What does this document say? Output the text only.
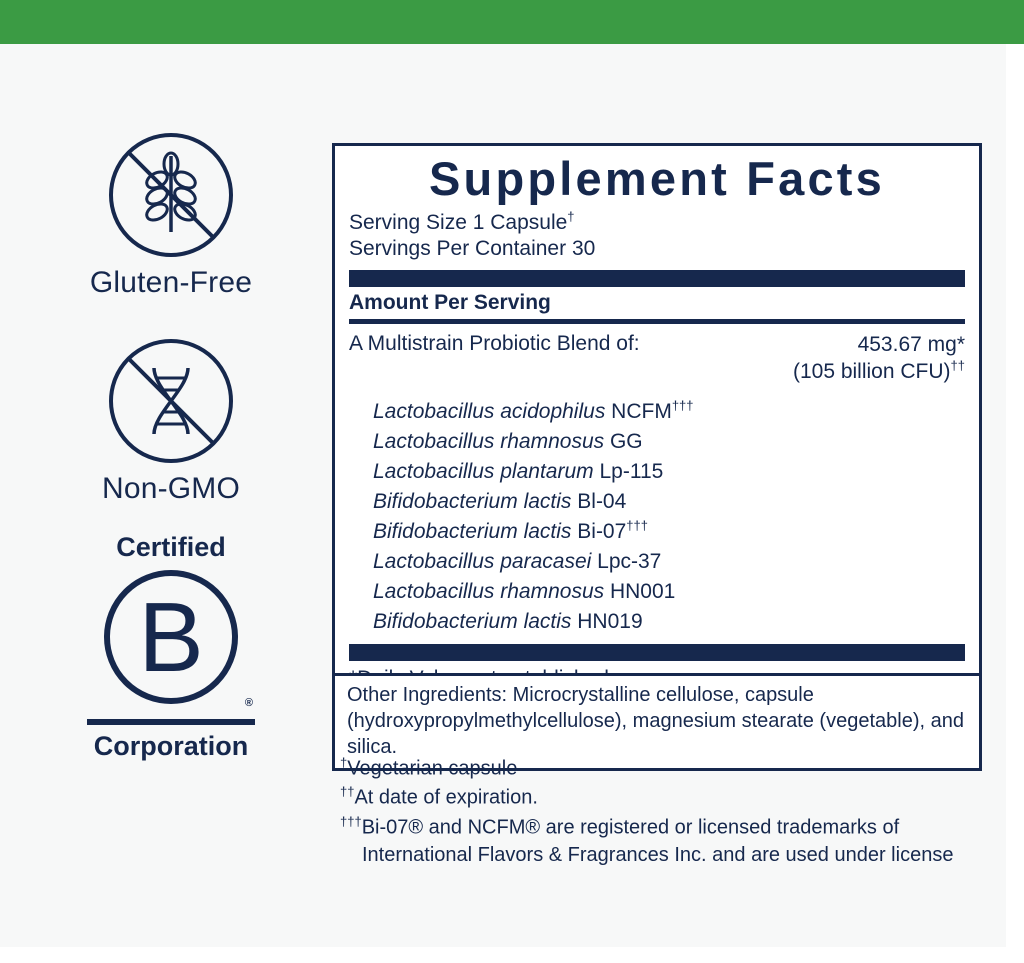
Gluten-Free
Non-GMO
Certified
B
®
Corporation
Supplement Facts
Serving Size 1 Capsule†
Servings Per Container 30
Amount Per Serving
A Multistrain Probiotic Blend of:	453.67 mg*
(105 billion CFU)††
Lactobacillus acidophilus NCFM†††
Lactobacillus rhamnosus GG
Lactobacillus plantarum Lp-115
Bifidobacterium lactis Bl-04
Bifidobacterium lactis Bi-07†††
Lactobacillus paracasei Lpc-37
Lactobacillus rhamnosus HN001
Bifidobacterium lactis HN019
Other Ingredients: Microcrystalline cellulose, capsule (hydroxypropylmethylcellulose), magnesium stearate (vegetable), and silica.
†Vegetarian capsule
††At date of expiration.
†††Bi-07® and NCFM® are registered or licensed trademarks of
International Flavors & Fragrances Inc. and are used under license
